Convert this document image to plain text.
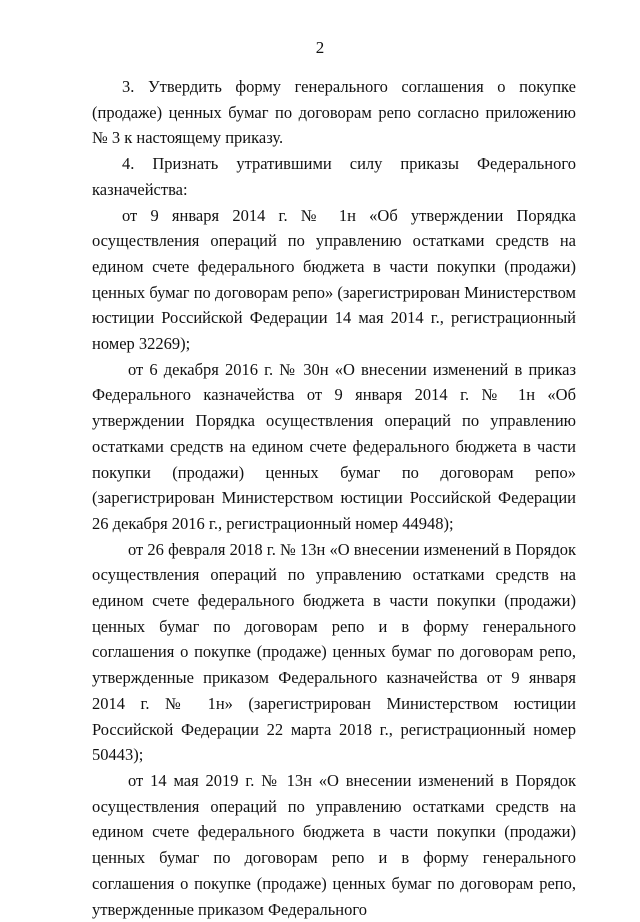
2

3. Утвердить форму генерального соглашения о покупке (продаже) ценных бумаг по договорам репо согласно приложению № 3 к настоящему приказу.

4. Признать утратившими силу приказы Федерального казначейства:

от 9 января 2014 г. № 1н «Об утверждении Порядка осуществления операций по управлению остатками средств на едином счете федерального бюджета в части покупки (продажи) ценных бумаг по договорам репо» (зарегистрирован Министерством юстиции Российской Федерации 14 мая 2014 г., регистрационный номер 32269);

от 6 декабря 2016 г. № 30н «О внесении изменений в приказ Федерального казначейства от 9 января 2014 г. № 1н «Об утверждении Порядка осуществления операций по управлению остатками средств на едином счете федерального бюджета в части покупки (продажи) ценных бумаг по договорам репо» (зарегистрирован Министерством юстиции Российской Федерации 26 декабря 2016 г., регистрационный номер 44948);

от 26 февраля 2018 г. № 13н «О внесении изменений в Порядок осуществления операций по управлению остатками средств на едином счете федерального бюджета в части покупки (продажи) ценных бумаг по договорам репо и в форму генерального соглашения о покупке (продаже) ценных бумаг по договорам репо, утвержденные приказом Федерального казначейства от 9 января 2014 г. № 1н» (зарегистрирован Министерством юстиции Российской Федерации 22 марта 2018 г., регистрационный номер 50443);

от 14 мая 2019 г. № 13н «О внесении изменений в Порядок осуществления операций по управлению остатками средств на едином счете федерального бюджета в части покупки (продажи) ценных бумаг по договорам репо и в форму генерального соглашения о покупке (продаже) ценных бумаг по договорам репо, утвержденные приказом Федерального
